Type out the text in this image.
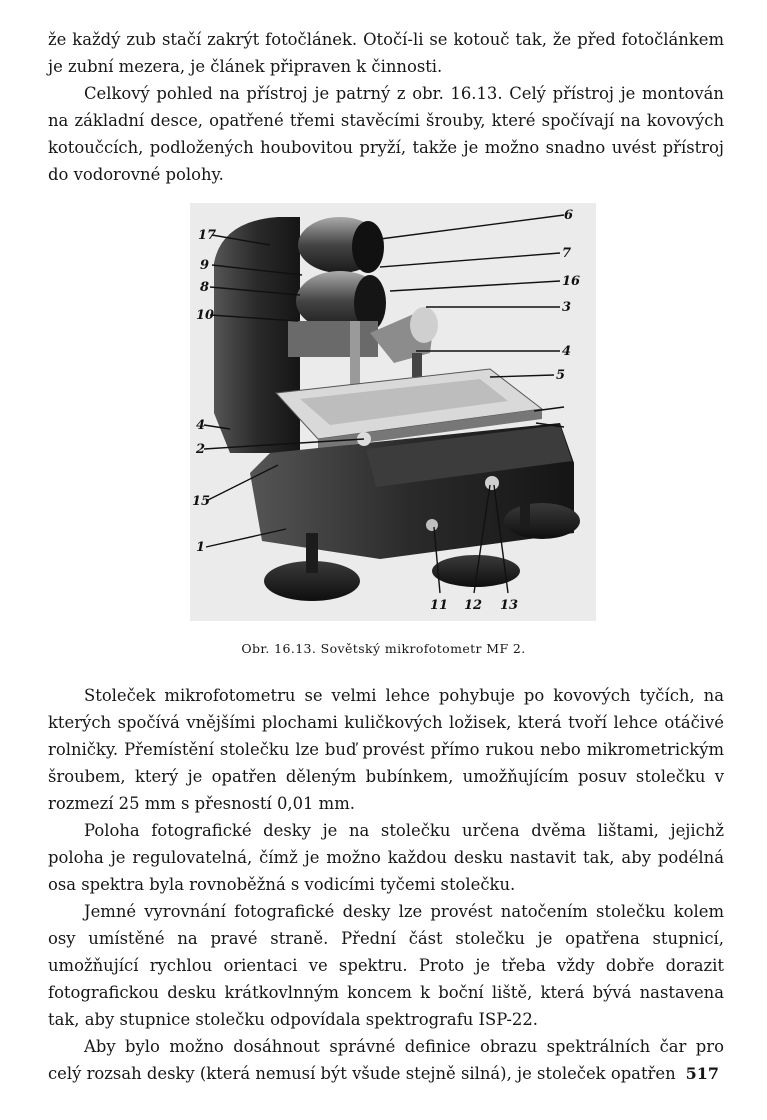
že každý zub stačí zakrýt fotočlánek. Otočí-li se kotouč tak, že před fotočlánkem je zubní mezera, je článek připraven k činnosti.

Celkový pohled na přístroj je patrný z obr. 16.13. Celý přístroj je montován na základní desce, opatřené třemi stavěcími šrouby, které spočívají na kovových kotoučcích, podložených houbovitou pryží, takže je možno snadno uvést přístroj do vodorovné polohy.

17
9
8
10
4
2
15
1
6
7
16
3
4
5
11 12 13

Obr. 16.13. Sovětský mikrofotometr MF 2.

Stoleček mikrofotometru se velmi lehce pohybuje po kovových tyčích, na kterých spočívá vnějšími plochami kuličkových ložisek, která tvoří lehce otáčivé rolničky. Přemístění stolečku lze buď provést přímo rukou nebo mikrometrickým šroubem, který je opatřen děleným bubínkem, umožňujícím posuv stolečku v rozmezí 25 mm s přesností 0,01 mm.

Poloha fotografické desky je na stolečku určena dvěma lištami, jejichž poloha je regulovatelná, čímž je možno každou desku nastavit tak, aby podélná osa spektra byla rovnoběžná s vodicími tyčemi stolečku.

Jemné vyrovnání fotografické desky lze provést natočením stolečku kolem osy umístěné na pravé straně. Přední část stolečku je opatřena stupnicí, umožňující rychlou orientaci ve spektru. Proto je třeba vždy dobře dorazit fotografickou desku krátkovlnným koncem k boční liště, která bývá nastavena tak, aby stupnice stolečku odpovídala spektrografu ISP-22.

Aby bylo možno dosáhnout správné definice obrazu spektrálních čar pro celý rozsah desky (která nemusí být všude stejně silná), je stoleček opatřen 517
